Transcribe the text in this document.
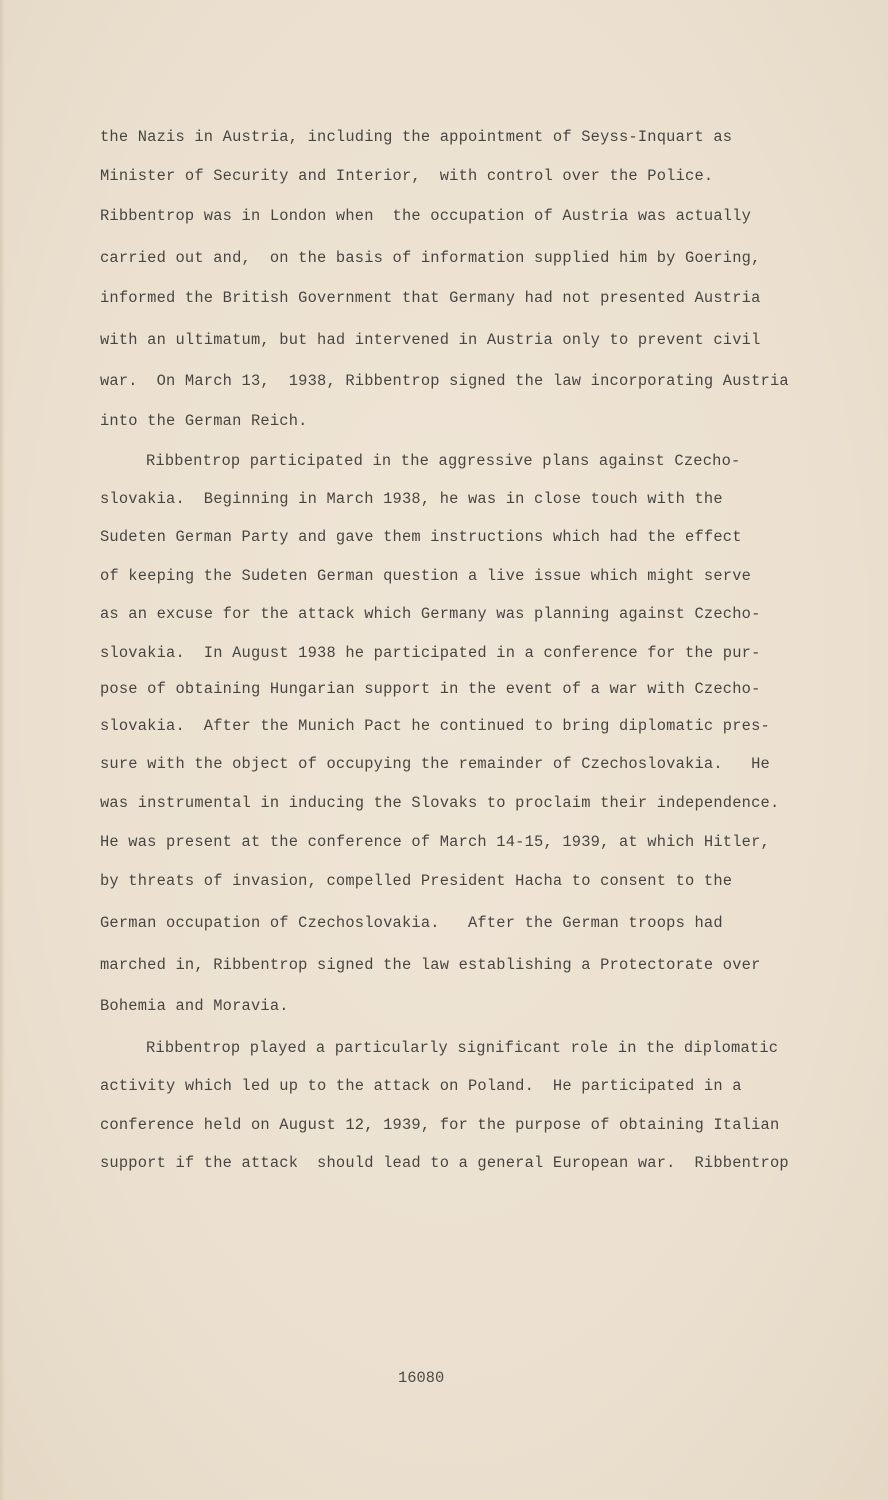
the Nazis in Austria, including the appointment of Seyss-Inquart as
Minister of Security and Interior,  with control over the Police.
Ribbentrop was in London when  the occupation of Austria was actually
carried out and,  on the basis of information supplied him by Goering,
informed the British Government that Germany had not presented Austria
with an ultimatum, but had intervened in Austria only to prevent civil
war.  On March 13,  1938, Ribbentrop signed the law incorporating Austria
into the German Reich.
Ribbentrop participated in the aggressive plans against Czecho-
slovakia.  Beginning in March 1938, he was in close touch with the
Sudeten German Party and gave them instructions which had the effect
of keeping the Sudeten German question a live issue which might serve
as an excuse for the attack which Germany was planning against Czecho-
slovakia.  In August 1938 he participated in a conference for the pur-
pose of obtaining Hungarian support in the event of a war with Czecho-
slovakia.  After the Munich Pact he continued to bring diplomatic pres-
sure with the object of occupying the remainder of Czechoslovakia.   He
was instrumental in inducing the Slovaks to proclaim their independence.
He was present at the conference of March 14-15, 1939, at which Hitler,
by threats of invasion, compelled President Hacha to consent to the
German occupation of Czechoslovakia.   After the German troops had
marched in, Ribbentrop signed the law establishing a Protectorate over
Bohemia and Moravia.
Ribbentrop played a particularly significant role in the diplomatic
activity which led up to the attack on Poland.  He participated in a
conference held on August 12, 1939, for the purpose of obtaining Italian
support if the attack  should lead to a general European war.  Ribbentrop
16080
